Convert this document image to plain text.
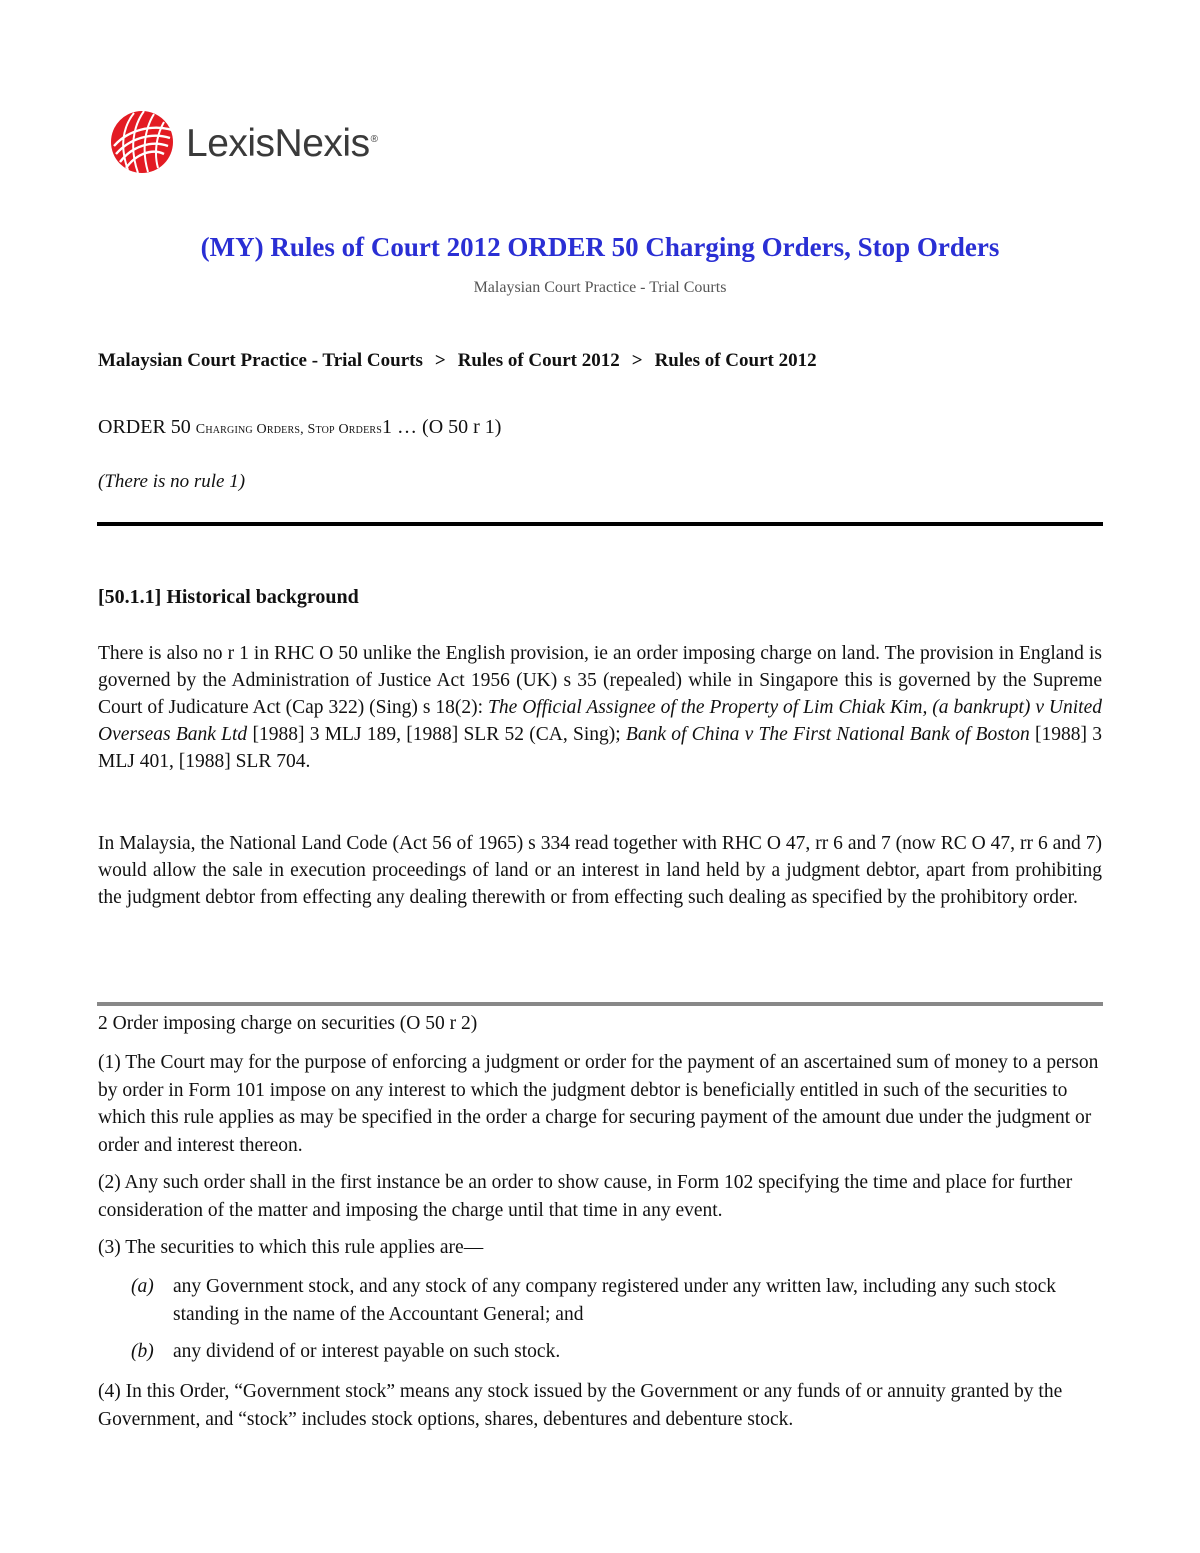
LexisNexis®
(MY) Rules of Court 2012 ORDER 50 Charging Orders, Stop Orders

Malaysian Court Practice - Trial Courts

Malaysian Court Practice - Trial Courts > Rules of Court 2012 > Rules of Court 2012
ORDER 50 Charging Orders, Stop Orders1 … (O 50 r 1)
(There is no rule 1)
[50.1.1] Historical background

There is also no r 1 in RHC O 50 unlike the English provision, ie an order imposing charge on land. The provision in England is governed by the Administration of Justice Act 1956 (UK) s 35 (repealed) while in Singapore this is governed by the Supreme Court of Judicature Act (Cap 322) (Sing) s 18(2): The Official Assignee of the Property of Lim Chiak Kim, (a bankrupt) v United Overseas Bank Ltd [1988] 3 MLJ 189, [1988] SLR 52 (CA, Sing); Bank of China v The First National Bank of Boston [1988] 3 MLJ 401, [1988] SLR 704.

In Malaysia, the National Land Code (Act 56 of 1965) s 334 read together with RHC O 47, rr 6 and 7 (now RC O 47, rr 6 and 7) would allow the sale in execution proceedings of land or an interest in land held by a judgment debtor, apart from prohibiting the judgment debtor from effecting any dealing therewith or from effecting such dealing as specified by the prohibitory order.

2 Order imposing charge on securities (O 50 r 2)

(1) The Court may for the purpose of enforcing a judgment or order for the payment of an ascertained sum of money to a person by order in Form 101 impose on any interest to which the judgment debtor is beneficially entitled in such of the securities to which this rule applies as may be specified in the order a charge for securing payment of the amount due under the judgment or order and interest thereon.

(2) Any such order shall in the first instance be an order to show cause, in Form 102 specifying the time and place for further consideration of the matter and imposing the charge until that time in any event.

(3) The securities to which this rule applies are—

(a) any Government stock, and any stock of any company registered under any written law, including any such stock standing in the name of the Accountant General; and
(b) any dividend of or interest payable on such stock.

(4) In this Order, “Government stock” means any stock issued by the Government or any funds of or annuity granted by the Government, and “stock” includes stock options, shares, debentures and debenture stock.
